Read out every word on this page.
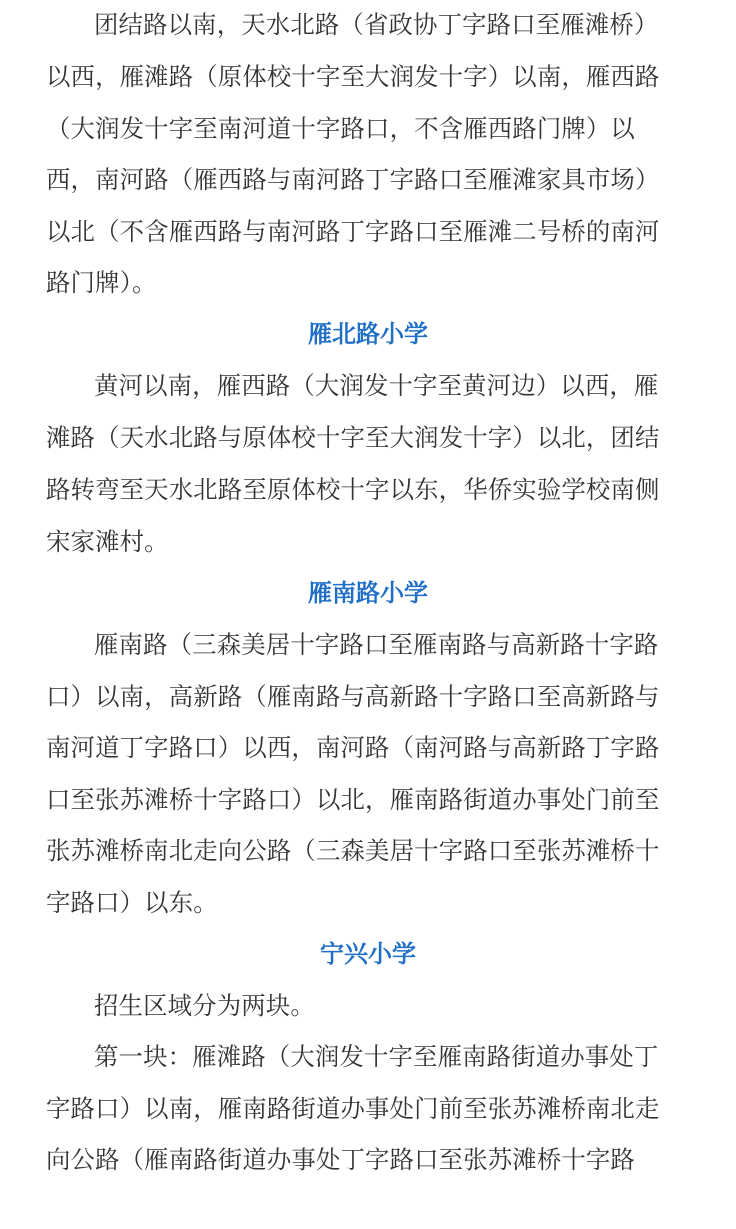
团结路以南，天水北路（省政协丁字路口至雁滩桥）
以西，雁滩路（原体校十字至大润发十字）以南，雁西路
（大润发十字至南河道十字路口，不含雁西路门牌）以
西，南河路（雁西路与南河路丁字路口至雁滩家具市场）
以北（不含雁西路与南河路丁字路口至雁滩二号桥的南河
路门牌）。
雁北路小学
黄河以南，雁西路（大润发十字至黄河边）以西，雁
滩路（天水北路与原体校十字至大润发十字）以北，团结
路转弯至天水北路至原体校十字以东，华侨实验学校南侧
宋家滩村。
雁南路小学
雁南路（三森美居十字路口至雁南路与高新路十字路
口）以南，高新路（雁南路与高新路十字路口至高新路与
南河道丁字路口）以西，南河路（南河路与高新路丁字路
口至张苏滩桥十字路口）以北，雁南路街道办事处门前至
张苏滩桥南北走向公路（三森美居十字路口至张苏滩桥十
字路口）以东。
宁兴小学
招生区域分为两块。
第一块：雁滩路（大润发十字至雁南路街道办事处丁
字路口）以南，雁南路街道办事处门前至张苏滩桥南北走
向公路（雁南路街道办事处丁字路口至张苏滩桥十字路
